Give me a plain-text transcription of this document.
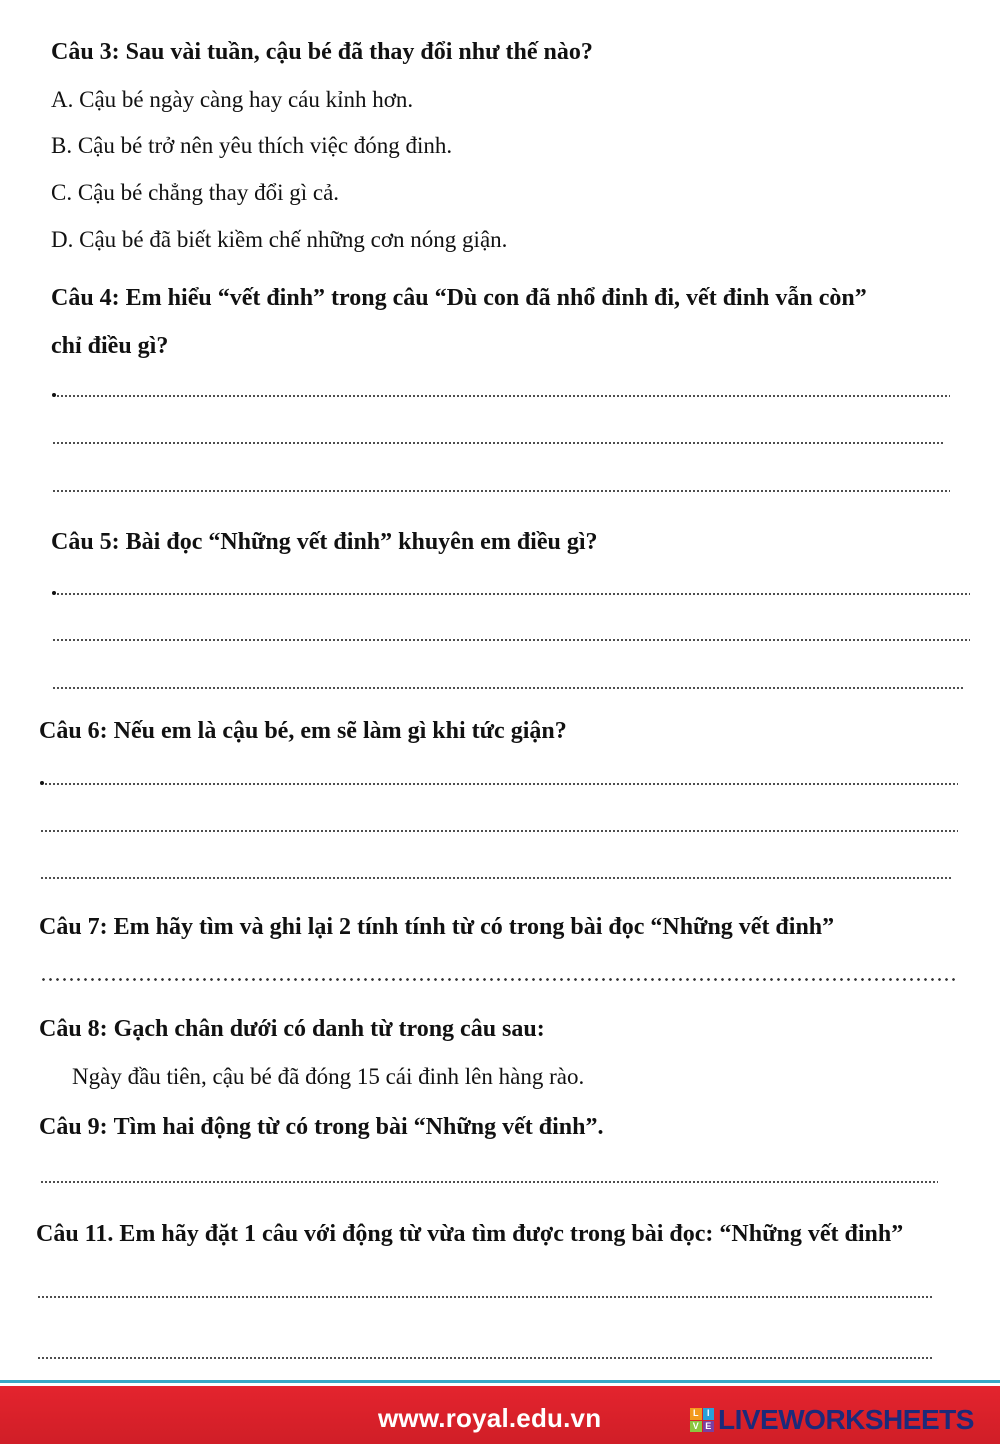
Câu 3: Sau vài tuần, cậu bé đã thay đổi như thế nào?
A. Cậu bé ngày càng hay cáu kỉnh hơn.
B. Cậu bé trở nên yêu thích việc đóng đinh.
C. Cậu bé chẳng thay đổi gì cả.
D. Cậu bé đã biết kiềm chế những cơn nóng giận.
Câu 4: Em hiểu “vết đinh” trong câu “Dù con đã nhổ đinh đi, vết đinh vẫn còn”
chỉ điều gì?
Câu 5: Bài đọc “Những vết đinh” khuyên em điều gì?
Câu 6: Nếu em là cậu bé, em sẽ làm gì khi tức giận?
Câu 7: Em hãy tìm và ghi lại 2 tính tính từ có trong bài đọc “Những vết đinh”
Câu 8: Gạch chân dưới có danh từ trong câu sau:
Ngày đầu tiên, cậu bé đã đóng 15 cái đinh lên hàng rào.
Câu 9: Tìm hai động từ có trong bài “Những vết đinh”.
Câu 11. Em hãy đặt 1 câu với động từ vừa tìm được trong bài đọc: “Những vết đinh”
www.royal.edu.vn	L I
V E LIVEWORKSHEETS
